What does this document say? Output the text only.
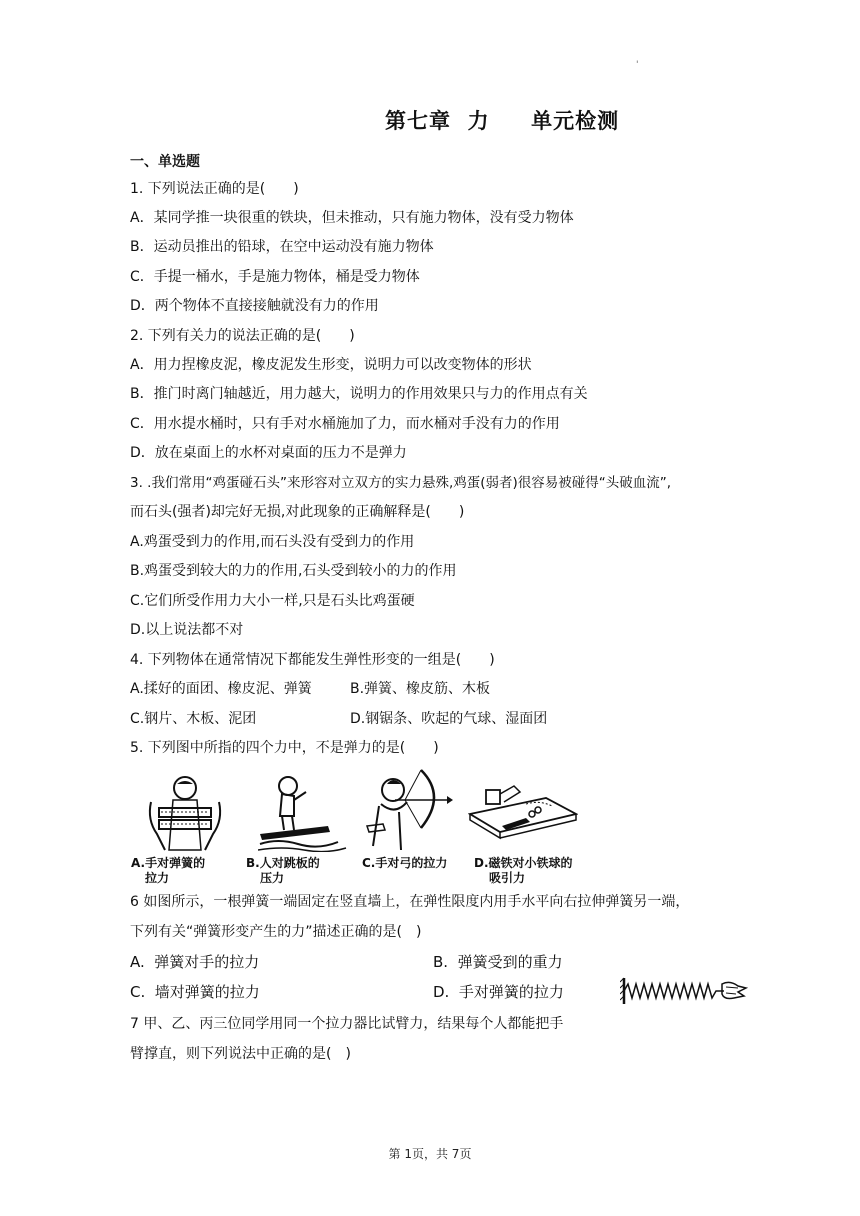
'
第七章  力     单元检测
一、单选题
1. 下列说法正确的是(　　)
A．某同学推一块很重的铁块，但未推动，只有施力物体，没有受力物体
B．运动员推出的铅球，在空中运动没有施力物体
C．手提一桶水，手是施力物体，桶是受力物体
D．两个物体不直接接触就没有力的作用
2. 下列有关力的说法正确的是(　　)
A．用力捏橡皮泥，橡皮泥发生形变，说明力可以改变物体的形状
B．推门时离门轴越近，用力越大，说明力的作用效果只与力的作用点有关
C．用水提水桶时，只有手对水桶施加了力，而水桶对手没有力的作用
D．放在桌面上的水杯对桌面的压力不是弹力
3. .我们常用“鸡蛋碰石头”来形容对立双方的实力悬殊,鸡蛋(弱者)很容易被碰得“头破血流”,
而石头(强者)却完好无损,对此现象的正确解释是(　　)
A.鸡蛋受到力的作用,而石头没有受到力的作用
B.鸡蛋受到较大的力的作用,石头受到较小的力的作用
C.它们所受作用力大小一样,只是石头比鸡蛋硬
D.以上说法都不对
4. 下列物体在通常情况下都能发生弹性形变的一组是(　　)
A.揉好的面团、橡皮泥、弹簧	B.弹簧、橡皮筋、木板
C.钢片、木板、泥团	D.钢锯条、吹起的气球、湿面团
5. 下列图中所指的四个力中，不是弹力的是(　　)
A.手对弹簧的
拉力
B.人对跳板的
压力
C.手对弓的拉力 D.磁铁对小铁球的
吸引力
6 如图所示，一根弹簧一端固定在竖直墙上，在弹性限度内用手水平向右拉伸弹簧另一端，
下列有关“弹簧形变产生的力”描述正确的是(　)
A.  弹簧对手的拉力	B.  弹簧受到的重力
C.  墙对弹簧的拉力	D.  手对弹簧的拉力
7 甲、乙、丙三位同学用同一个拉力器比试臂力，结果每个人都能把手
臂撑直，则下列说法中正确的是(　)
第 1页，共 7页
